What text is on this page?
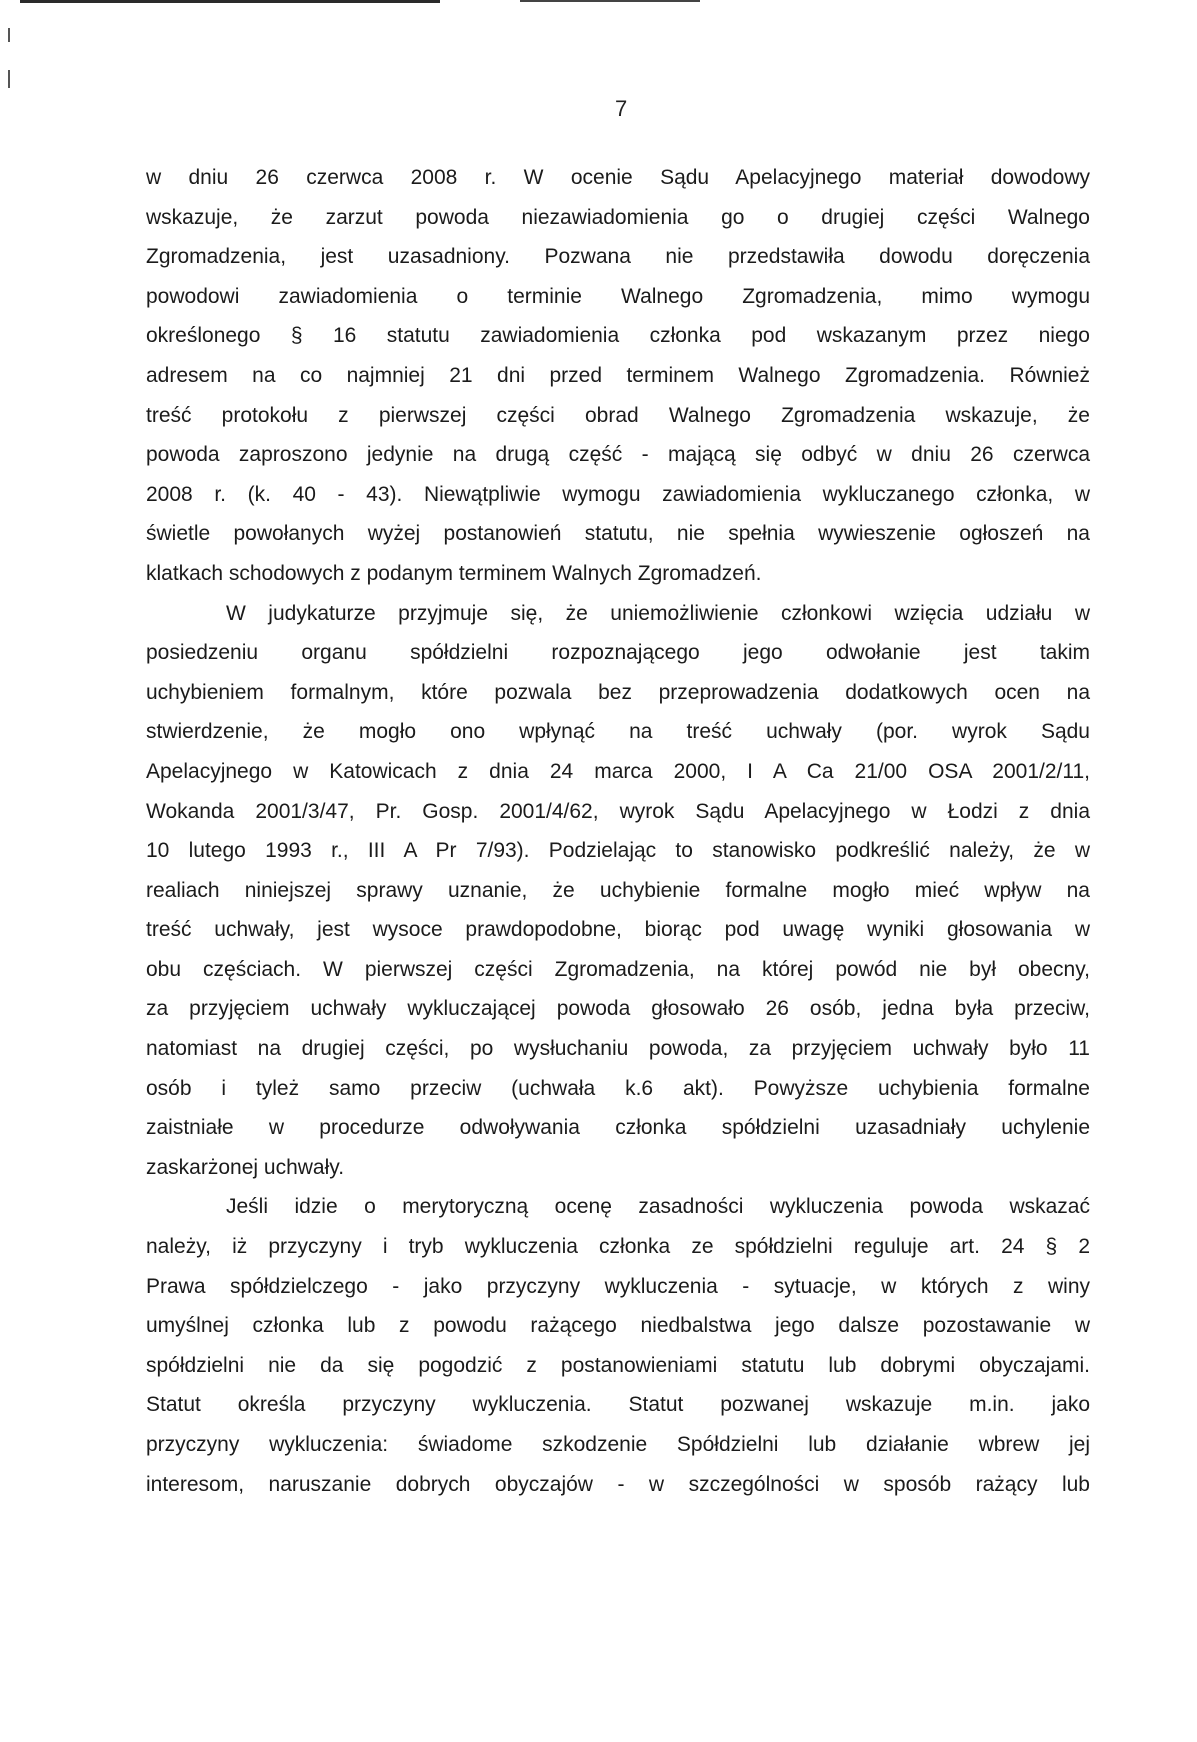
7
w dniu 26 czerwca 2008 r. W ocenie Sądu Apelacyjnego materiał dowodowy
wskazuje, że zarzut powoda niezawiadomienia go o drugiej części Walnego
Zgromadzenia, jest uzasadniony. Pozwana nie przedstawiła dowodu doręczenia
powodowi zawiadomienia o terminie Walnego Zgromadzenia, mimo wymogu
określonego § 16 statutu zawiadomienia członka pod wskazanym przez niego
adresem na co najmniej 21 dni przed terminem Walnego Zgromadzenia. Również
treść protokołu z pierwszej części obrad Walnego Zgromadzenia wskazuje, że
powoda zaproszono jedynie na drugą część - mającą się odbyć w dniu 26 czerwca
2008 r. (k. 40 - 43). Niewątpliwie wymogu zawiadomienia wykluczanego członka, w
świetle powołanych wyżej postanowień statutu, nie spełnia wywieszenie ogłoszeń na
klatkach schodowych z podanym terminem Walnych Zgromadzeń.
W judykaturze przyjmuje się, że uniemożliwienie członkowi wzięcia udziału w
posiedzeniu organu spółdzielni rozpoznającego jego odwołanie jest takim
uchybieniem formalnym, które pozwala bez przeprowadzenia dodatkowych ocen na
stwierdzenie, że mogło ono wpłynąć na treść uchwały (por. wyrok Sądu
Apelacyjnego w Katowicach z dnia 24 marca 2000, I A Ca 21/00 OSA 2001/2/11,
Wokanda 2001/3/47, Pr. Gosp. 2001/4/62, wyrok Sądu Apelacyjnego w Łodzi z dnia
10 lutego 1993 r., III A Pr 7/93). Podzielając to stanowisko podkreślić należy, że w
realiach niniejszej sprawy uznanie, że uchybienie formalne mogło mieć wpływ na
treść uchwały, jest wysoce prawdopodobne, biorąc pod uwagę wyniki głosowania w
obu częściach. W pierwszej części Zgromadzenia, na której powód nie był obecny,
za przyjęciem uchwały wykluczającej powoda głosowało 26 osób, jedna była przeciw,
natomiast na drugiej części, po wysłuchaniu powoda, za przyjęciem uchwały było 11
osób i tyleż samo przeciw (uchwała k.6 akt). Powyższe uchybienia formalne
zaistniałe w procedurze odwoływania członka spółdzielni uzasadniały uchylenie
zaskarżonej uchwały.
Jeśli idzie o merytoryczną ocenę zasadności wykluczenia powoda wskazać
należy, iż przyczyny i tryb wykluczenia członka ze spółdzielni reguluje art. 24 § 2
Prawa spółdzielczego - jako przyczyny wykluczenia - sytuacje, w których z winy
umyślnej członka lub z powodu rażącego niedbalstwa jego dalsze pozostawanie w
spółdzielni nie da się pogodzić z postanowieniami statutu lub dobrymi obyczajami.
Statut określa przyczyny wykluczenia. Statut pozwanej wskazuje m.in. jako
przyczyny wykluczenia: świadome szkodzenie Spółdzielni lub działanie wbrew jej
interesom, naruszanie dobrych obyczajów - w szczególności w sposób rażący lub
